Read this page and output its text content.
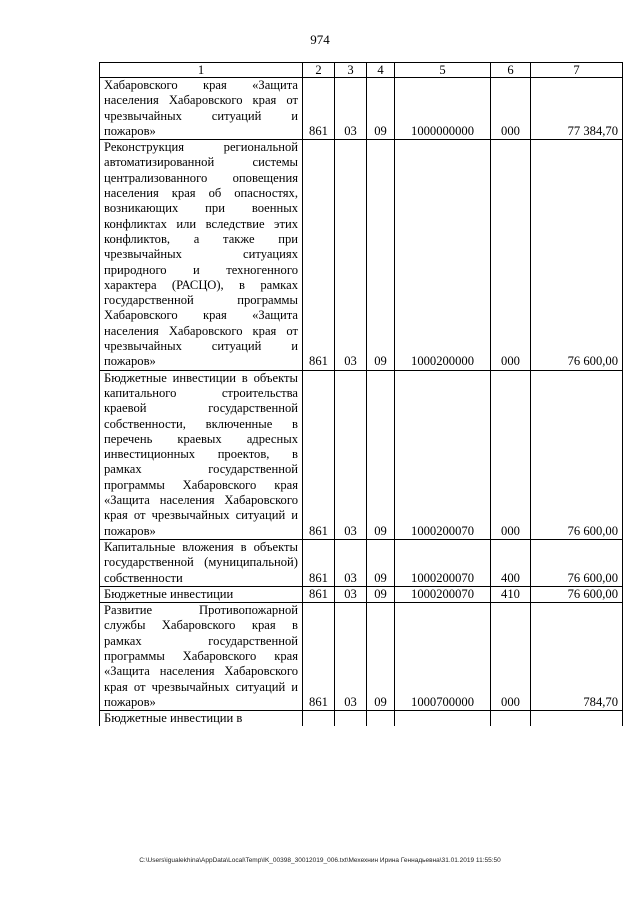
974
1	2	3	4	5	6	7
Хабаровского края «Защита населения Хабаровского края от чрезвычайных ситуаций и пожаров»	861	03	09	1000000000	000	77 384,70
Реконструкция региональной автоматизированной системы централизованного оповещения населения края об опасностях, возникающих при военных конфликтах или вследствие этих конфликтов, а также при чрезвычайных ситуациях природного и техногенного характера (РАСЦО), в рамках государственной программы Хабаровского края «Защита населения Хабаровского края от чрезвычайных ситуаций и пожаров»	861	03	09	1000200000	000	76 600,00
Бюджетные инвестиции в объекты капитального строительства краевой государственной собственности, включенные в перечень краевых адресных инвестиционных проектов, в рамках государственной программы Хабаровского края «Защита населения Хабаровского края от чрезвычайных ситуаций и пожаров»	861	03	09	1000200070	000	76 600,00
Капитальные вложения в объекты государственной (муниципальной) собственности	861	03	09	1000200070	400	76 600,00
Бюджетные инвестиции	861	03	09	1000200070	410	76 600,00
Развитие Противопожарной службы Хабаровского края в рамках государственной программы Хабаровского края «Защита населения Хабаровского края от чрезвычайных ситуаций и пожаров»	861	03	09	1000700000	000	784,70
Бюджетные инвестиции в						
C:\Users\igualekhina\AppData\Local\Temp\IK_00398_30012019_006.txt\Мехехнин Ирина Геннадьевна\31.01.2019 11:55:50
